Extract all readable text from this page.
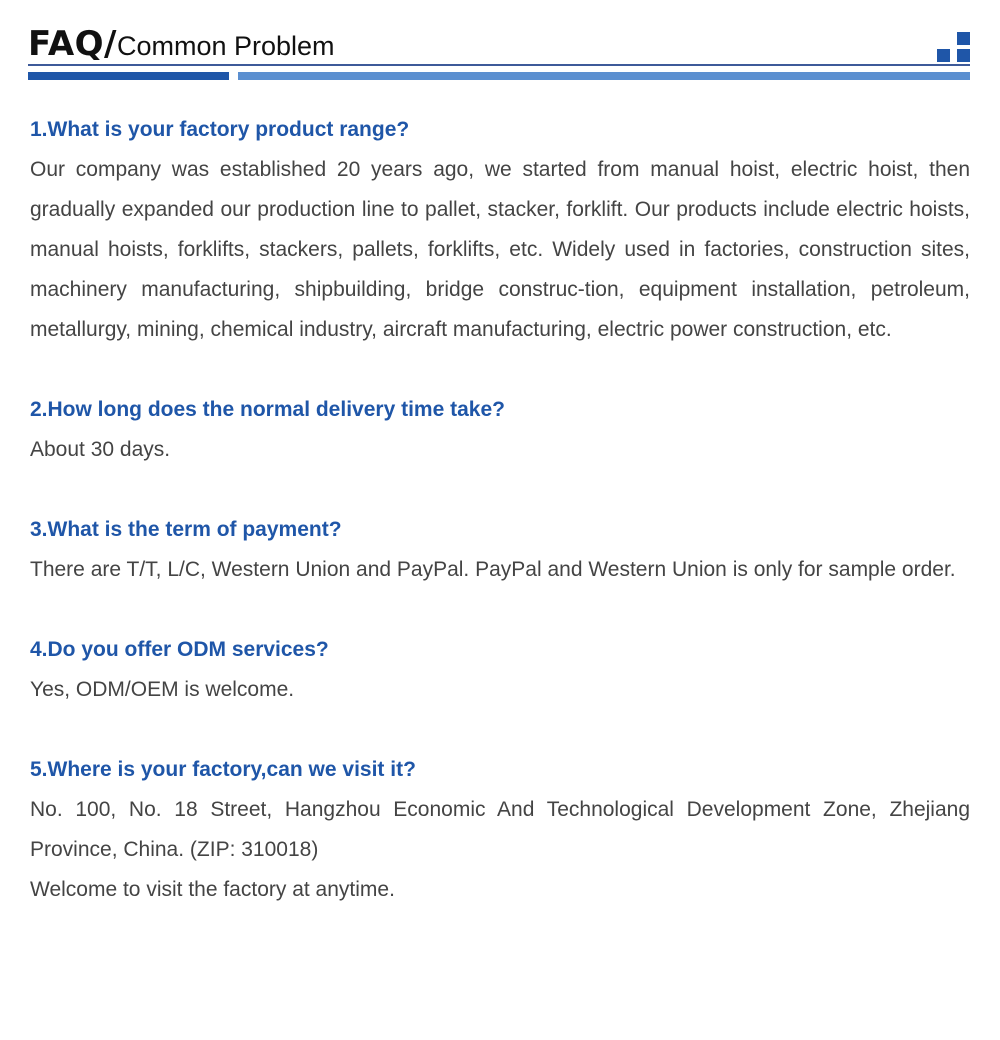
FAQ/Common Problem

1.What is your factory product range?

Our company was established 20 years ago, we started from manual hoist, electric hoist, then gradually expanded our production line to pallet, stacker, forklift. Our products include electric hoists, manual hoists, forklifts, stackers, pallets, forklifts, etc. Widely used in factories, construction sites, machinery manufacturing, shipbuilding, bridge construc-tion, equipment installation, petroleum, metallurgy, mining, chemical industry, aircraft manufacturing, electric power construction, etc.

2.How long does the normal delivery time take?

About 30 days.

3.What is the term of payment?

There are T/T, L/C, Western Union and PayPal. PayPal and Western Union is only for sample order.

4.Do you offer ODM services?

Yes, ODM/OEM is welcome.

5.Where is your factory,can we visit it?

No. 100, No. 18 Street, Hangzhou Economic And Technological Development Zone, Zhejiang Province, China. (ZIP: 310018)

Welcome to visit the factory at anytime.
